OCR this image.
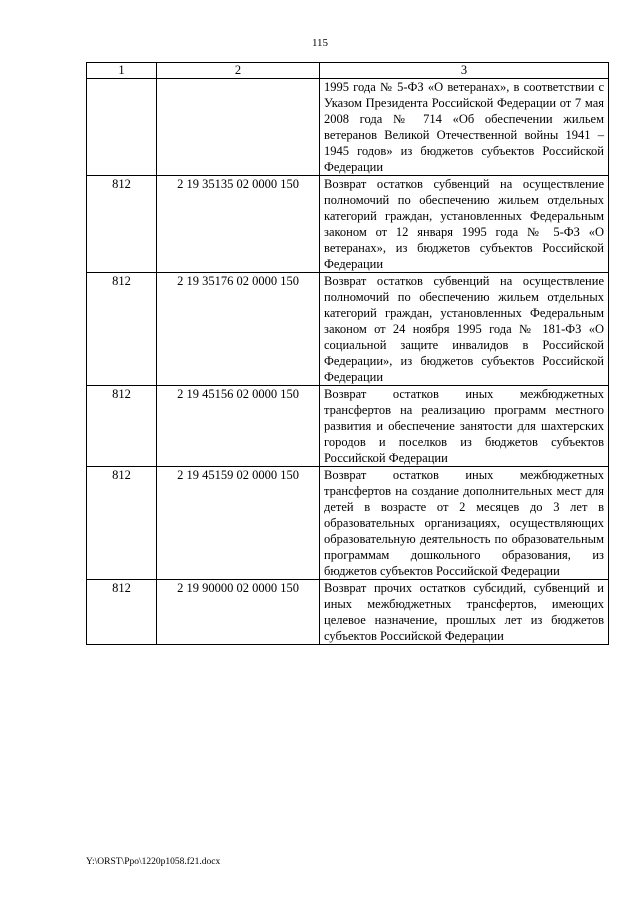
115
1	2	3
		1995 года № 5-ФЗ «О ветеранах», в соответствии с Указом Президента Российской Федерации от 7 мая 2008 года № 714 «Об обеспечении жильем ветеранов Великой Отечественной войны 1941 – 1945 годов» из бюджетов субъектов Российской Федерации
812	2 19 35135 02 0000 150	Возврат остатков субвенций на осуществление полномочий по обеспечению жильем отдельных категорий граждан, установленных Федеральным законом от 12 января 1995 года № 5-ФЗ «О ветеранах», из бюджетов субъектов Российской Федерации
812	2 19 35176 02 0000 150	Возврат остатков субвенций на осуществление полномочий по обеспечению жильем отдельных категорий граждан, установленных Федеральным законом от 24 ноября 1995 года № 181-ФЗ «О социальной защите инвалидов в Российской Федерации», из бюджетов субъектов Российской Федерации
812	2 19 45156 02 0000 150	Возврат остатков иных межбюджетных трансфертов на реализацию программ местного развития и обеспечение занятости для шахтерских городов и поселков из бюджетов субъектов Российской Федерации
812	2 19 45159 02 0000 150	Возврат остатков иных межбюджетных трансфертов на создание дополнительных мест для детей в возрасте от 2 месяцев до 3 лет в образовательных организациях, осуществляющих образовательную деятельность по образовательным программам дошкольного образования, из бюджетов субъектов Российской Федерации
812	2 19 90000 02 0000 150	Возврат прочих остатков субсидий, субвенций и иных межбюджетных трансфертов, имеющих целевое назначение, прошлых лет из бюджетов субъектов Российской Федерации
Y:\ORST\Ppo\1220p1058.f21.docx
